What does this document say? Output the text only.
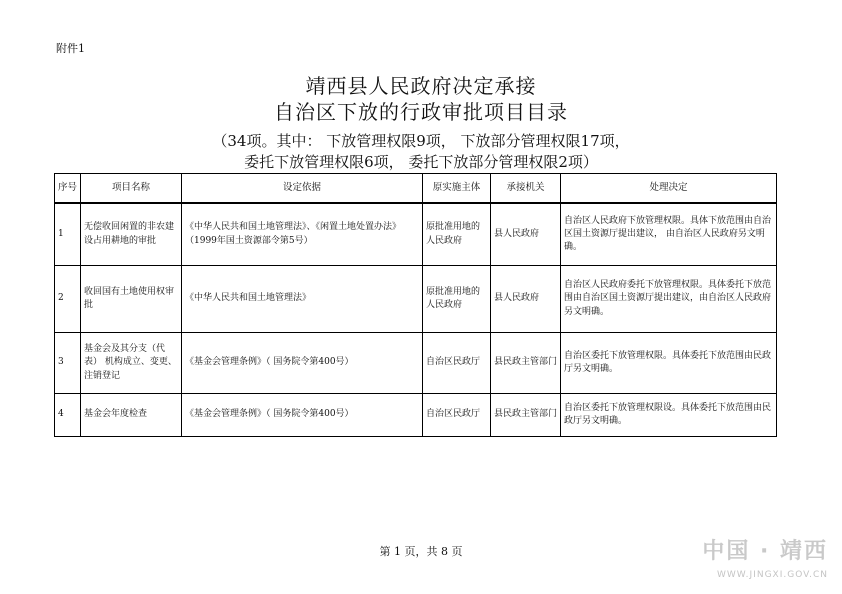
附件1
靖西县人民政府决定承接
自治区下放的行政审批项目目录
（34项。其中： 下放管理权限9项， 下放部分管理权限17项，
委托下放管理权限6项， 委托下放部分管理权限2项）
序号	项目名称	设定依据	原实施主体	承接机关	处理决定
1	无偿收回闲置的非农建设占用耕地的审批	《中华人民共和国土地管理法》、《闲置土地处置办法》（1999年国土资源部令第5号）	原批准用地的人民政府	县人民政府	自治区人民政府下放管理权限。具体下放范围由自治区国土资源厅提出建议， 由自治区人民政府另文明确。
2	收回国有土地使用权审批	《中华人民共和国土地管理法》	原批准用地的人民政府	县人民政府	自治区人民政府委托下放管理权限。具体委托下放范围由自治区国土资源厅提出建议，由自治区人民政府另文明确。
3	基金会及其分支（代表） 机构成立、变更、注销登记	《基金会管理条例》（ 国务院令第400号）	自治区民政厅	县民政主管部门	自治区委托下放管理权限。具体委托下放范围由民政厅另文明确。
4	基金会年度检查	《基金会管理条例》（ 国务院令第400号）	自治区民政厅	县民政主管部门	自治区委托下放管理权限设。具体委托下放范围由民政厅另文明确。
第 1 页，共 8 页	中国 · 靖西
WWW.JINGXI.GOV.CN
